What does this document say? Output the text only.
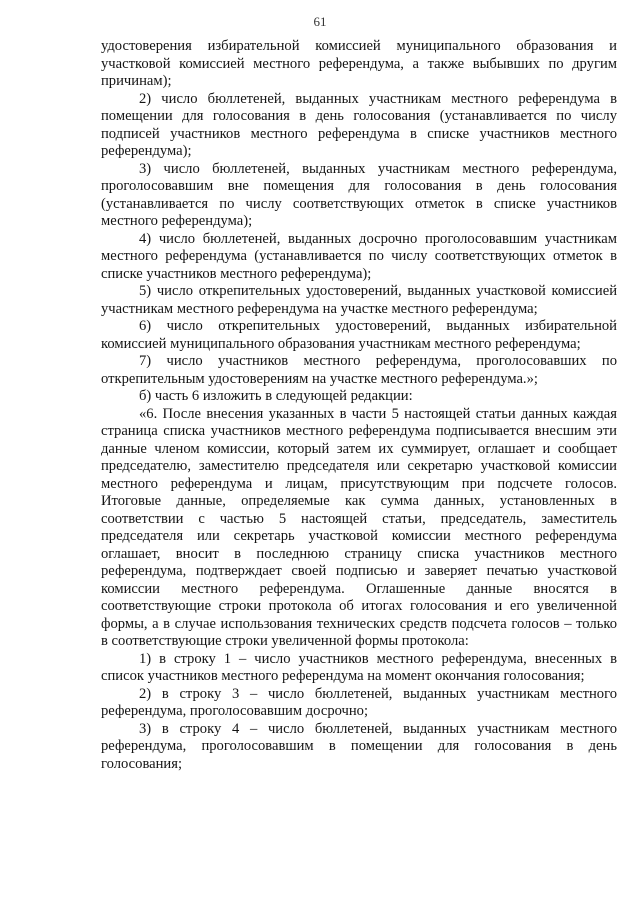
61

удостоверения избирательной комиссией муниципального образования и участковой комиссией местного референдума, а также выбывших по другим причинам);

2) число бюллетеней, выданных участникам местного референдума в помещении для голосования в день голосования (устанавливается по числу подписей участников местного референдума в списке участников местного референдума);

3) число бюллетеней, выданных участникам местного референдума, проголосовавшим вне помещения для голосования в день голосования (устанавливается по числу соответствующих отметок в списке участников местного референдума);

4) число бюллетеней, выданных досрочно проголосовавшим участникам местного референдума (устанавливается по числу соответствующих отметок в списке участников местного референдума);

5) число открепительных удостоверений, выданных участковой комиссией участникам местного референдума на участке местного референдума;

6) число открепительных удостоверений, выданных избирательной комиссией муниципального образования участникам местного референдума;

7) число участников местного референдума, проголосовавших по открепительным удостоверениям на участке местного референдума.»;

б) часть 6 изложить в следующей редакции:

«6. После внесения указанных в части 5 настоящей статьи данных каждая страница списка участников местного референдума подписывается внесшим эти данные членом комиссии, который затем их суммирует, оглашает и сообщает председателю, заместителю председателя или секретарю участковой комиссии местного референдума и лицам, присутствующим при подсчете голосов. Итоговые данные, определяемые как сумма данных, установленных в соответствии с частью 5 настоящей статьи, председатель, заместитель председателя или секретарь участковой комиссии местного референдума оглашает, вносит в последнюю страницу списка участников местного референдума, подтверждает своей подписью и заверяет печатью участковой комиссии местного референдума. Оглашенные данные вносятся в соответствующие строки протокола об итогах голосования и его увеличенной формы, а в случае использования технических средств подсчета голосов – только в соответствующие строки увеличенной формы протокола:

1) в строку 1 – число участников местного референдума, внесенных в список участников местного референдума на момент окончания голосования;

2) в строку 3 – число бюллетеней, выданных участникам местного референдума, проголосовавшим досрочно;

3) в строку 4 – число бюллетеней, выданных участникам местного референдума, проголосовавшим в помещении для голосования в день голосования;
